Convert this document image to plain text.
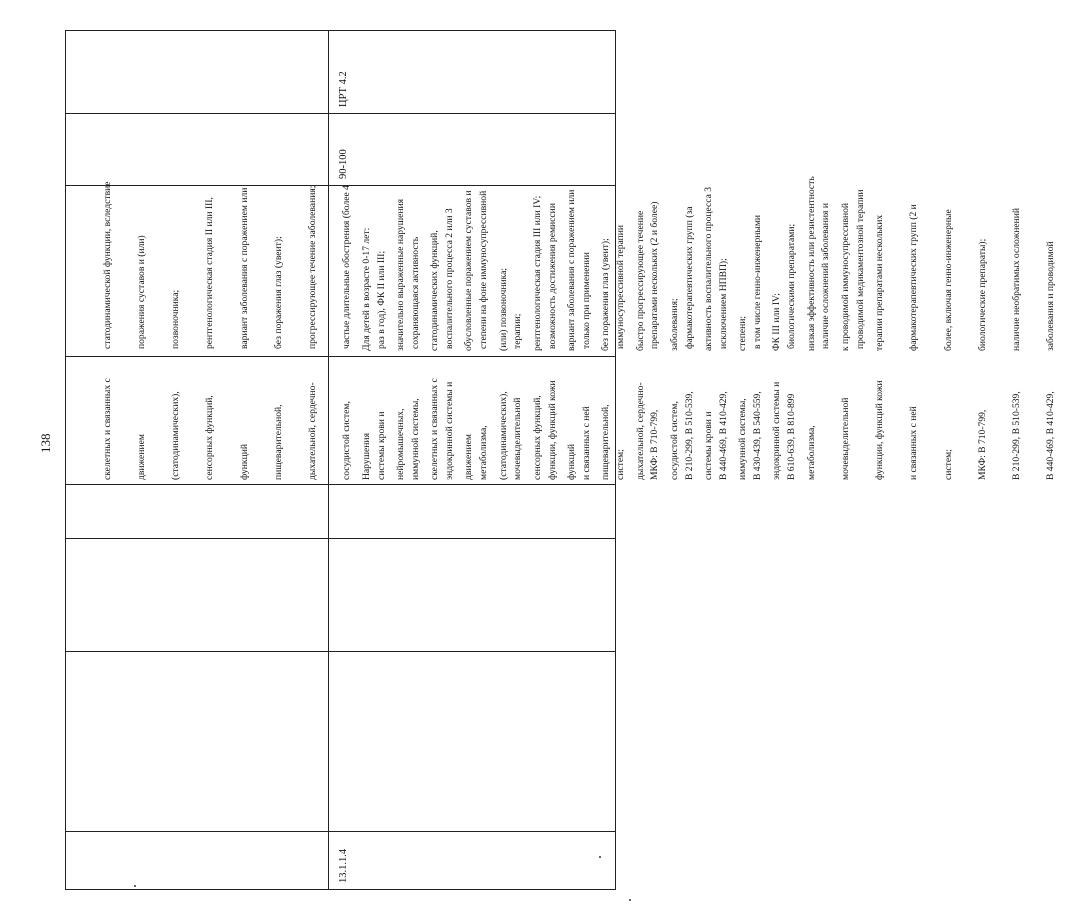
138

статодинамической функции, вследствие

поражения суставов и (или)

позвоночника;

рентгенологическая стадия II или III,

вариант заболевания с поражением или

без поражения глаз (увеит);

прогрессирующее течение заболевания;

частые длительные обострения (более 4

раз в год), ФК II или III;

сохраняющаяся активность

воспалительного процесса 2 или 3

степени на фоне иммуносупрессивной

терапии;

возможность достижения ремиссии

только при применении

иммуносупрессивной терапии

препаратами нескольких (2 и более)

фармакотерапевтических групп (за

исключением НПВП);

в том числе генно-инженерными

биологическими препаратами;

наличие осложнений заболевания и

проводимой медикаментозной терапии

скелетных и связанных с

движением

(статодинамических),

сенсорных функций,

функций

пищеварительной,

дыхательной, сердечно-

сосудистой систем,

системы крови и

иммунной системы,

эндокринной системы и

метаболизма,

мочевыделительной

функции, функций кожи

и связанных с ней

систем;

МКФ: В 710-799,

В 210-299, В 510-539,

В 440-469, В 410-429,

В 430-439, В 540-559,

В 610-639, В 810-899

ЦРТ 4.2
90-100

Для детей в возрасте 0-17 лет:

значительно выраженные нарушения

статодинамических функций,

обусловленные поражением суставов и

(или) позвоночника;

рентгенологическая стадия III или IV;

вариант заболевания с поражением или

без поражения глаз (увеит);

быстро прогрессирующее течение

заболевания;

активность воспалительного процесса 3

степени;

ФК III или IV;

низкая эффективность или резистентность

к проводимой иммуносупрессивной

терапии препаратами нескольких

фармакотерапевтических групп (2 и

более, включая генно-инженерные

биологические препараты);

наличие необратимых осложнений

заболевания и проводимой

Нарушения

нейромышечных,

скелетных и связанных с

движением

(статодинамических),

сенсорных функций,

функций

пищеварительной,

дыхательной, сердечно-

сосудистой систем,

системы крови и

иммунной системы,

эндокринной системы и

метаболизма,

мочевыделительной

функции, функций кожи

и связанных с ней

систем;

МКФ: В 710-799,

В 210-299, В 510-539,

В 440-469, В 410-429,

13.1.1.4
